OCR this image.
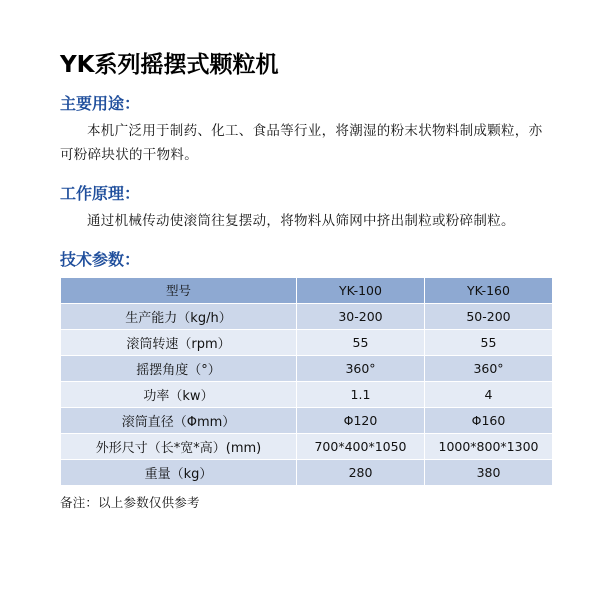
YK系列摇摆式颗粒机
主要用途：

本机广泛用于制药、化工、食品等行业，将潮湿的粉末状物料制成颗粒，亦可粉碎块状的干物料。

工作原理：

通过机械传动使滚筒往复摆动，将物料从筛网中挤出制粒或粉碎制粒。

技术参数：
型号	YK-100	YK-160
生产能力（kg/h）	30-200	50-200
滚筒转速（rpm）	55	55
摇摆角度（°）	360°	360°
功率（kw）	1.1	4
滚筒直径（Φmm）	Φ120	Φ160
外形尺寸（长*宽*高）(mm)	700*400*1050	1000*800*1300
重量（kg）	280	380
备注：以上参数仅供参考
